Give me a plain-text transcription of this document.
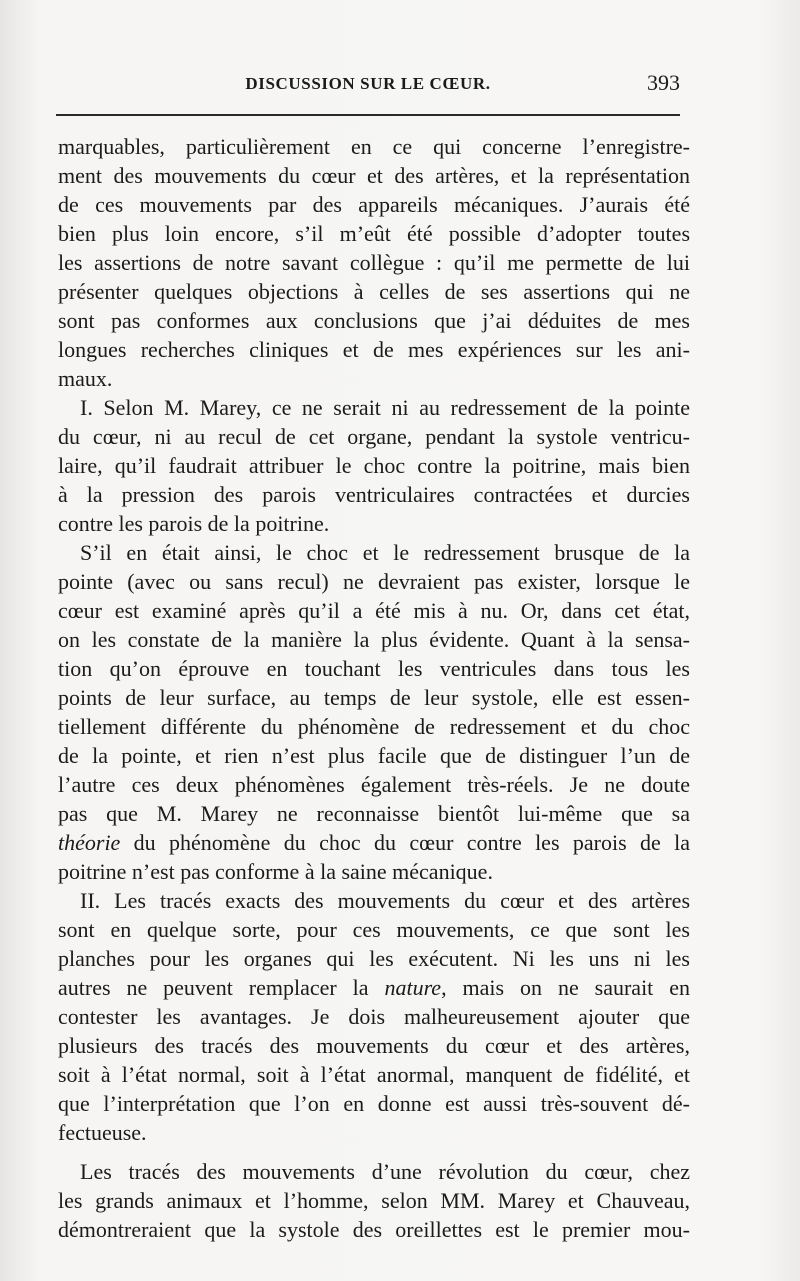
DISCUSSION SUR LE CŒUR.	393
marquables, particulièrement en ce qui concerne l’enregistre-
ment des mouvements du cœur et des artères, et la représentation
de ces mouvements par des appareils mécaniques. J’aurais été
bien plus loin encore, s’il m’eût été possible d’adopter toutes
les assertions de notre savant collègue : qu’il me permette de lui
présenter quelques objections à celles de ses assertions qui ne
sont pas conformes aux conclusions que j’ai déduites de mes
longues recherches cliniques et de mes expériences sur les ani-
maux.
I. Selon M. Marey, ce ne serait ni au redressement de la pointe
du cœur, ni au recul de cet organe, pendant la systole ventricu-
laire, qu’il faudrait attribuer le choc contre la poitrine, mais bien
à la pression des parois ventriculaires contractées et durcies
contre les parois de la poitrine.
S’il en était ainsi, le choc et le redressement brusque de la
pointe (avec ou sans recul) ne devraient pas exister, lorsque le
cœur est examiné après qu’il a été mis à nu. Or, dans cet état,
on les constate de la manière la plus évidente. Quant à la sensa-
tion qu’on éprouve en touchant les ventricules dans tous les
points de leur surface, au temps de leur systole, elle est essen-
tiellement différente du phénomène de redressement et du choc
de la pointe, et rien n’est plus facile que de distinguer l’un de
l’autre ces deux phénomènes également très-réels. Je ne doute
pas que M. Marey ne reconnaisse bientôt lui-même que sa
théorie du phénomène du choc du cœur contre les parois de la
poitrine n’est pas conforme à la saine mécanique.
II. Les tracés exacts des mouvements du cœur et des artères
sont en quelque sorte, pour ces mouvements, ce que sont les
planches pour les organes qui les exécutent. Ni les uns ni les
autres ne peuvent remplacer la nature, mais on ne saurait en
contester les avantages. Je dois malheureusement ajouter que
plusieurs des tracés des mouvements du cœur et des artères,
soit à l’état normal, soit à l’état anormal, manquent de fidélité, et
que l’interprétation que l’on en donne est aussi très-souvent dé-
fectueuse.
Les tracés des mouvements d’une révolution du cœur, chez
les grands animaux et l’homme, selon MM. Marey et Chauveau,
démontreraient que la systole des oreillettes est le premier mou-
